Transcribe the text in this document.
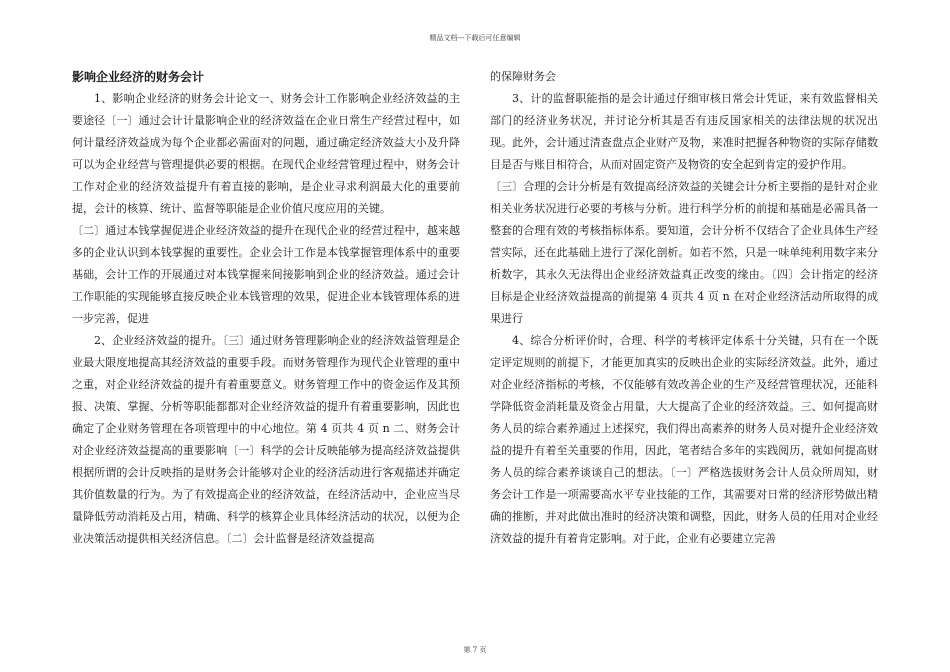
精品文档---下载后可任意编辑
影响企业经济的财务会计

1、影响企业经济的财务会计论文一、财务会计工作影响企业经济效益的主要途径〔一〕通过会计计量影响企业的经济效益在企业日常生产经营过程中，如何计量经济效益成为每个企业都必需面对的问题，通过确定经济效益大小及升降可以为企业经营与管理提供必要的根据。在现代企业经营管理过程中，财务会计工作对企业的经济效益提升有着直接的影响，是企业寻求利润最大化的重要前提，会计的核算、统计、监督等职能是企业价值尺度应用的关键。

〔二〕通过本钱掌握促进企业经济效益的提升在现代企业的经营过程中，越来越多的企业认识到本钱掌握的重要性。企业会计工作是本钱掌握管理体系中的重要基础，会计工作的开展通过对本钱掌握来间接影响到企业的经济效益。通过会计工作职能的实现能够直接反映企业本钱管理的效果，促进企业本钱管理体系的进一步完善，促进

2、企业经济效益的提升。〔三〕通过财务管理影响企业的经济效益管理是企业最大限度地提高其经济效益的重要手段。而财务管理作为现代企业管理的重中之重，对企业经济效益的提升有着重要意义。财务管理工作中的资金运作及其预报、决策、掌握、分析等职能都都对企业经济效益的提升有着重要影响，因此也确定了企业财务管理在各项管理中的中心地位。第 4 页共 4 页 n 二、财务会计对企业经济效益提高的重要影响〔一〕科学的会计反映能够为提高经济效益提供根据所谓的会计反映指的是财务会计能够对企业的经济活动进行客观描述并确定其价值数量的行为。为了有效提高企业的经济效益，在经济活动中，企业应当尽量降低劳动消耗及占用，精确、科学的核算企业具体经济活动的状况，以便为企业决策活动提供相关经济信息。〔二〕会计监督是经济效益提高

的保障财务会

3、计的监督职能指的是会计通过仔细审核日常会计凭证，来有效监督相关部门的经济业务状况，并讨论分析其是否有违反国家相关的法律法规的状况出现。此外，会计通过清查盘点企业财产及物，来准时把握各种物资的实际存储数目是否与账目相符合，从而对固定资产及物资的安全起到肯定的爱护作用。

〔三〕合理的会计分析是有效提高经济效益的关键会计分析主要指的是针对企业相关业务状况进行必要的考核与分析。进行科学分析的前提和基础是必需具备一整套的合理有效的考核指标体系。要知道，会计分析不仅结合了企业具体生产经营实际，还在此基础上进行了深化剖析。如若不然，只是一味单纯利用数字来分析数字，其永久无法得出企业经济效益真正改变的缘由。〔四〕会计指定的经济目标是企业经济效益提高的前提第 4 页共 4 页 n 在对企业经济活动所取得的成果进行

4、综合分析评价时，合理、科学的考核评定体系十分关键，只有在一个既定评定规则的前提下，才能更加真实的反映出企业的实际经济效益。此外，通过对企业经济指标的考核，不仅能够有效改善企业的生产及经营管理状况，还能科学降低资金消耗量及资金占用量，大大提高了企业的经济效益。三、如何提高财务人员的综合素养通过上述探究，我们得出高素养的财务人员对提升企业经济效益的提升有着至关重要的作用，因此，笔者结合多年的实践阅历，就如何提高财务人员的综合素养谈谈自己的想法。〔一〕严格选拔财务会计人员众所周知，财务会计工作是一项需要高水平专业技能的工作，其需要对日常的经济形势做出精确的推断，并对此做出准时的经济决策和调整，因此，财务人员的任用对企业经济效益的提升有着肯定影响。对于此，企业有必要建立完善

第 7 页
